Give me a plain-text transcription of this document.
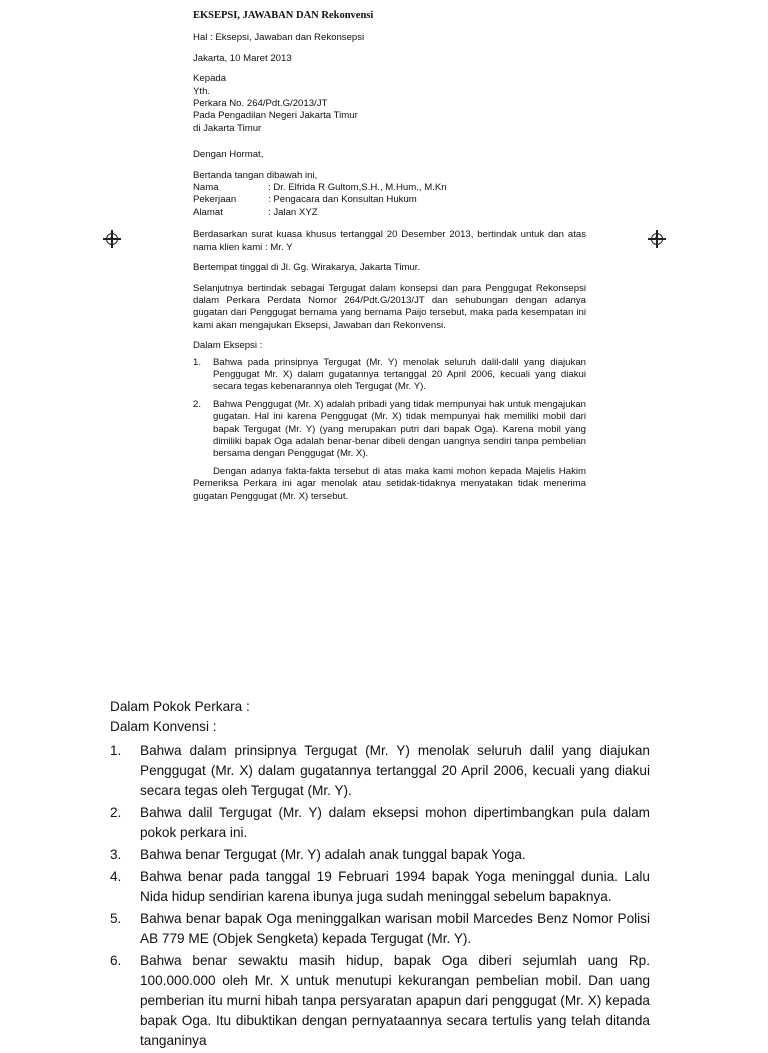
EKSEPSI, JAWABAN DAN Rekonvensi

Hal : Eksepsi, Jawaban dan Rekonsepsi

Jakarta, 10 Maret 2013

Kepada

Yth.

Perkara No. 264/Pdt.G/2013/JT

Pada Pengadilan Negeri Jakarta Timur

di Jakarta Timur

Dengan Hormat,

Bertanda tangan dibawah ini,

Nama	: Dr. Elfrida R Gultom,S.H., M.Hum., M.Kn
Pekerjaan	: Pengacara dan Konsultan Hukum
Alamat	: Jalan XYZ

Berdasarkan surat kuasa khusus tertanggal 20 Desember 2013, bertindak untuk dan atas nama klien kami : Mr. Y

Bertempat tinggal di Jl. Gg. Wirakarya, Jakarta Timur.

Selanjutnya bertindak sebagai Tergugat dalam konsepsi dan para Penggugat Rekonsepsi dalam Perkara Perdata Nomor 264/Pdt.G/2013/JT dan sehubungan dengan adanya gugatan dari Penggugat bernama yang bernama Paijo tersebut, maka pada kesempatan ini kami akan mengajukan Eksepsi, Jawaban dan Rekonvensi.

Dalam Eksepsi :

1.	Bahwa pada prinsipnya Tergugat (Mr. Y) menolak seluruh dalil-dalil yang diajukan Penggugat Mr. X) dalam gugatannya tertanggal 20 April 2006, kecuali yang diakui secara tegas kebenarannya oleh Tergugat (Mr. Y).
2.	Bahwa Penggugat (Mr. X) adalah pribadi yang tidak mempunyai hak untuk mengajukan gugatan. Hal ini karena Penggugat (Mr. X) tidak mempunyai hak memiliki mobil dari bapak Tergugat (Mr. Y) (yang merupakan putri dari bapak Oga). Karena mobil yang dimiliki bapak Oga adalah benar-benar dibeli dengan uangnya sendiri tanpa pembelian bersama dengan Penggugat (Mr. X).

Dengan adanya fakta-fakta tersebut di atas maka kami mohon kepada Majelis Hakim Pemeriksa Perkara ini agar menolak atau setidak-tidaknya menyatakan tidak menerima gugatan Penggugat (Mr. X) tersebut.

Dalam Pokok Perkara :

Dalam Konvensi :

1.	Bahwa dalam prinsipnya Tergugat (Mr. Y) menolak seluruh dalil yang diajukan Penggugat (Mr. X) dalam gugatannya tertanggal 20 April 2006, kecuali yang diakui secara tegas oleh Tergugat (Mr. Y).
2.	Bahwa dalil Tergugat (Mr. Y) dalam eksepsi mohon dipertimbangkan pula dalam pokok perkara ini.
3.	Bahwa benar Tergugat (Mr. Y) adalah anak tunggal bapak Yoga.
4.	Bahwa benar pada tanggal 19 Februari 1994 bapak Yoga meninggal dunia. Lalu Nida hidup sendirian karena ibunya juga sudah meninggal sebelum bapaknya.
5.	Bahwa benar bapak Oga meninggalkan warisan mobil Marcedes Benz Nomor Polisi AB 779 ME (Objek Sengketa) kepada Tergugat (Mr. Y).
6.	Bahwa benar sewaktu masih hidup, bapak Oga diberi sejumlah uang Rp. 100.000.000 oleh Mr. X untuk menutupi kekurangan pembelian mobil. Dan uang pemberian itu murni hibah tanpa persyaratan apapun dari penggugat (Mr. X) kepada bapak Oga. Itu dibuktikan dengan pernyataannya secara tertulis yang telah ditanda tanganinya
